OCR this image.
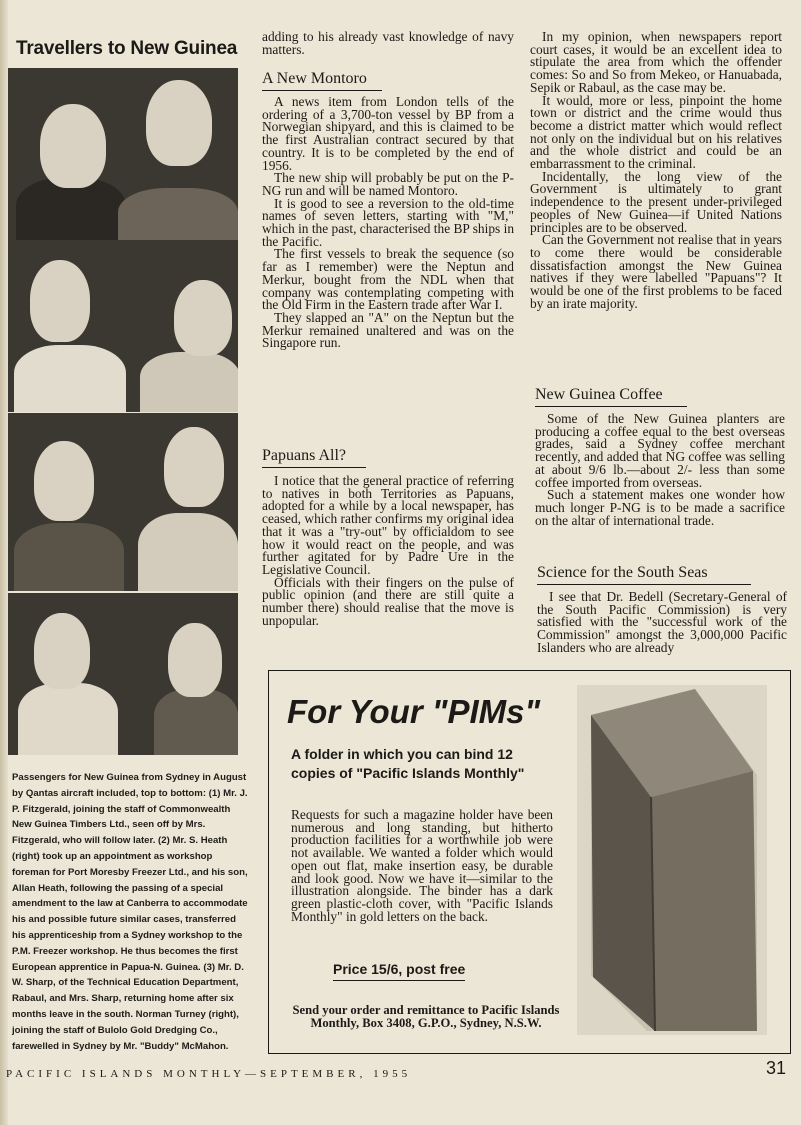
Travellers to New Guinea
Passengers for New Guinea from Sydney in August by Qantas aircraft included, top to bottom: (1) Mr. J. P. Fitzgerald, joining the staff of Commonwealth New Guinea Timbers Ltd., seen off by Mrs. Fitzgerald, who will follow later. (2) Mr. S. Heath (right) took up an appointment as workshop foreman for Port Moresby Freezer Ltd., and his son, Allan Heath, following the passing of a special amendment to the law at Canberra to accommodate his and possible future similar cases, transferred his apprenticeship from a Sydney workshop to the P.M. Freezer workshop. He thus becomes the first European apprentice in Papua-N. Guinea. (3) Mr. D. W. Sharp, of the Technical Education Department, Rabaul, and Mrs. Sharp, returning home after six months leave in the south. Norman Turney (right), joining the staff of Bulolo Gold Dredging Co., farewelled in Sydney by Mr. "Buddy" McMahon.

adding to his already vast knowledge of navy matters.

A New Montoro

A news item from London tells of the ordering of a 3,700-ton vessel by BP from a Norwegian shipyard, and this is claimed to be the first Australian contract secured by that country. It is to be completed by the end of 1956.

The new ship will probably be put on the P-NG run and will be named Montoro.

It is good to see a reversion to the old-time names of seven letters, starting with "M," which in the past, characterised the BP ships in the Pacific.

The first vessels to break the sequence (so far as I remember) were the Neptun and Merkur, bought from the NDL when that company was contemplating competing with the Old Firm in the Eastern trade after War I.

They slapped an "A" on the Neptun but the Merkur remained unaltered and was on the Singapore run.

Papuans All?

I notice that the general practice of referring to natives in both Territories as Papuans, adopted for a while by a local newspaper, has ceased, which rather confirms my original idea that it was a "try-out" by officialdom to see how it would react on the people, and was further agitated for by Padre Ure in the Legislative Council.

Officials with their fingers on the pulse of public opinion (and there are still quite a number there) should realise that the move is unpopular.

In my opinion, when newspapers report court cases, it would be an excellent idea to stipulate the area from which the offender comes: So and So from Mekeo, or Hanuabada, Sepik or Rabaul, as the case may be.

It would, more or less, pinpoint the home town or district and the crime would thus become a district matter which would reflect not only on the individual but on his relatives and the whole district and could be an embarrassment to the criminal.

Incidentally, the long view of the Government is ultimately to grant independence to the present under-privileged peoples of New Guinea—if United Nations principles are to be observed.

Can the Government not realise that in years to come there would be considerable dissatisfaction amongst the New Guinea natives if they were labelled "Papuans"? It would be one of the first problems to be faced by an irate majority.

New Guinea Coffee

Some of the New Guinea planters are producing a coffee equal to the best overseas grades, said a Sydney coffee merchant recently, and added that NG coffee was selling at about 9/6 lb.—about 2/- less than some coffee imported from overseas.

Such a statement makes one wonder how much longer P-NG is to be made a sacrifice on the altar of international trade.

Science for the South Seas

I see that Dr. Bedell (Secretary-General of the South Pacific Commission) is very satisfied with the "successful work of the Commission" amongst the 3,000,000 Pacific Islanders who are already

For Your "PIMs"
A folder in which you can bind 12 copies of "Pacific Islands Monthly"
Requests for such a magazine holder have been numerous and long standing, but hitherto production facilities for a worthwhile job were not available. We wanted a folder which would open out flat, make insertion easy, be durable and look good. Now we have it—similar to the illustration alongside. The binder has a dark green plastic-cloth cover, with "Pacific Islands Monthly" in gold letters on the back.
Price 15/6, post free
Send your order and remittance to Pacific Islands Monthly, Box 3408, G.P.O., Sydney, N.S.W.
PACIFIC ISLANDS MONTHLY—SEPTEMBER, 1955	31
